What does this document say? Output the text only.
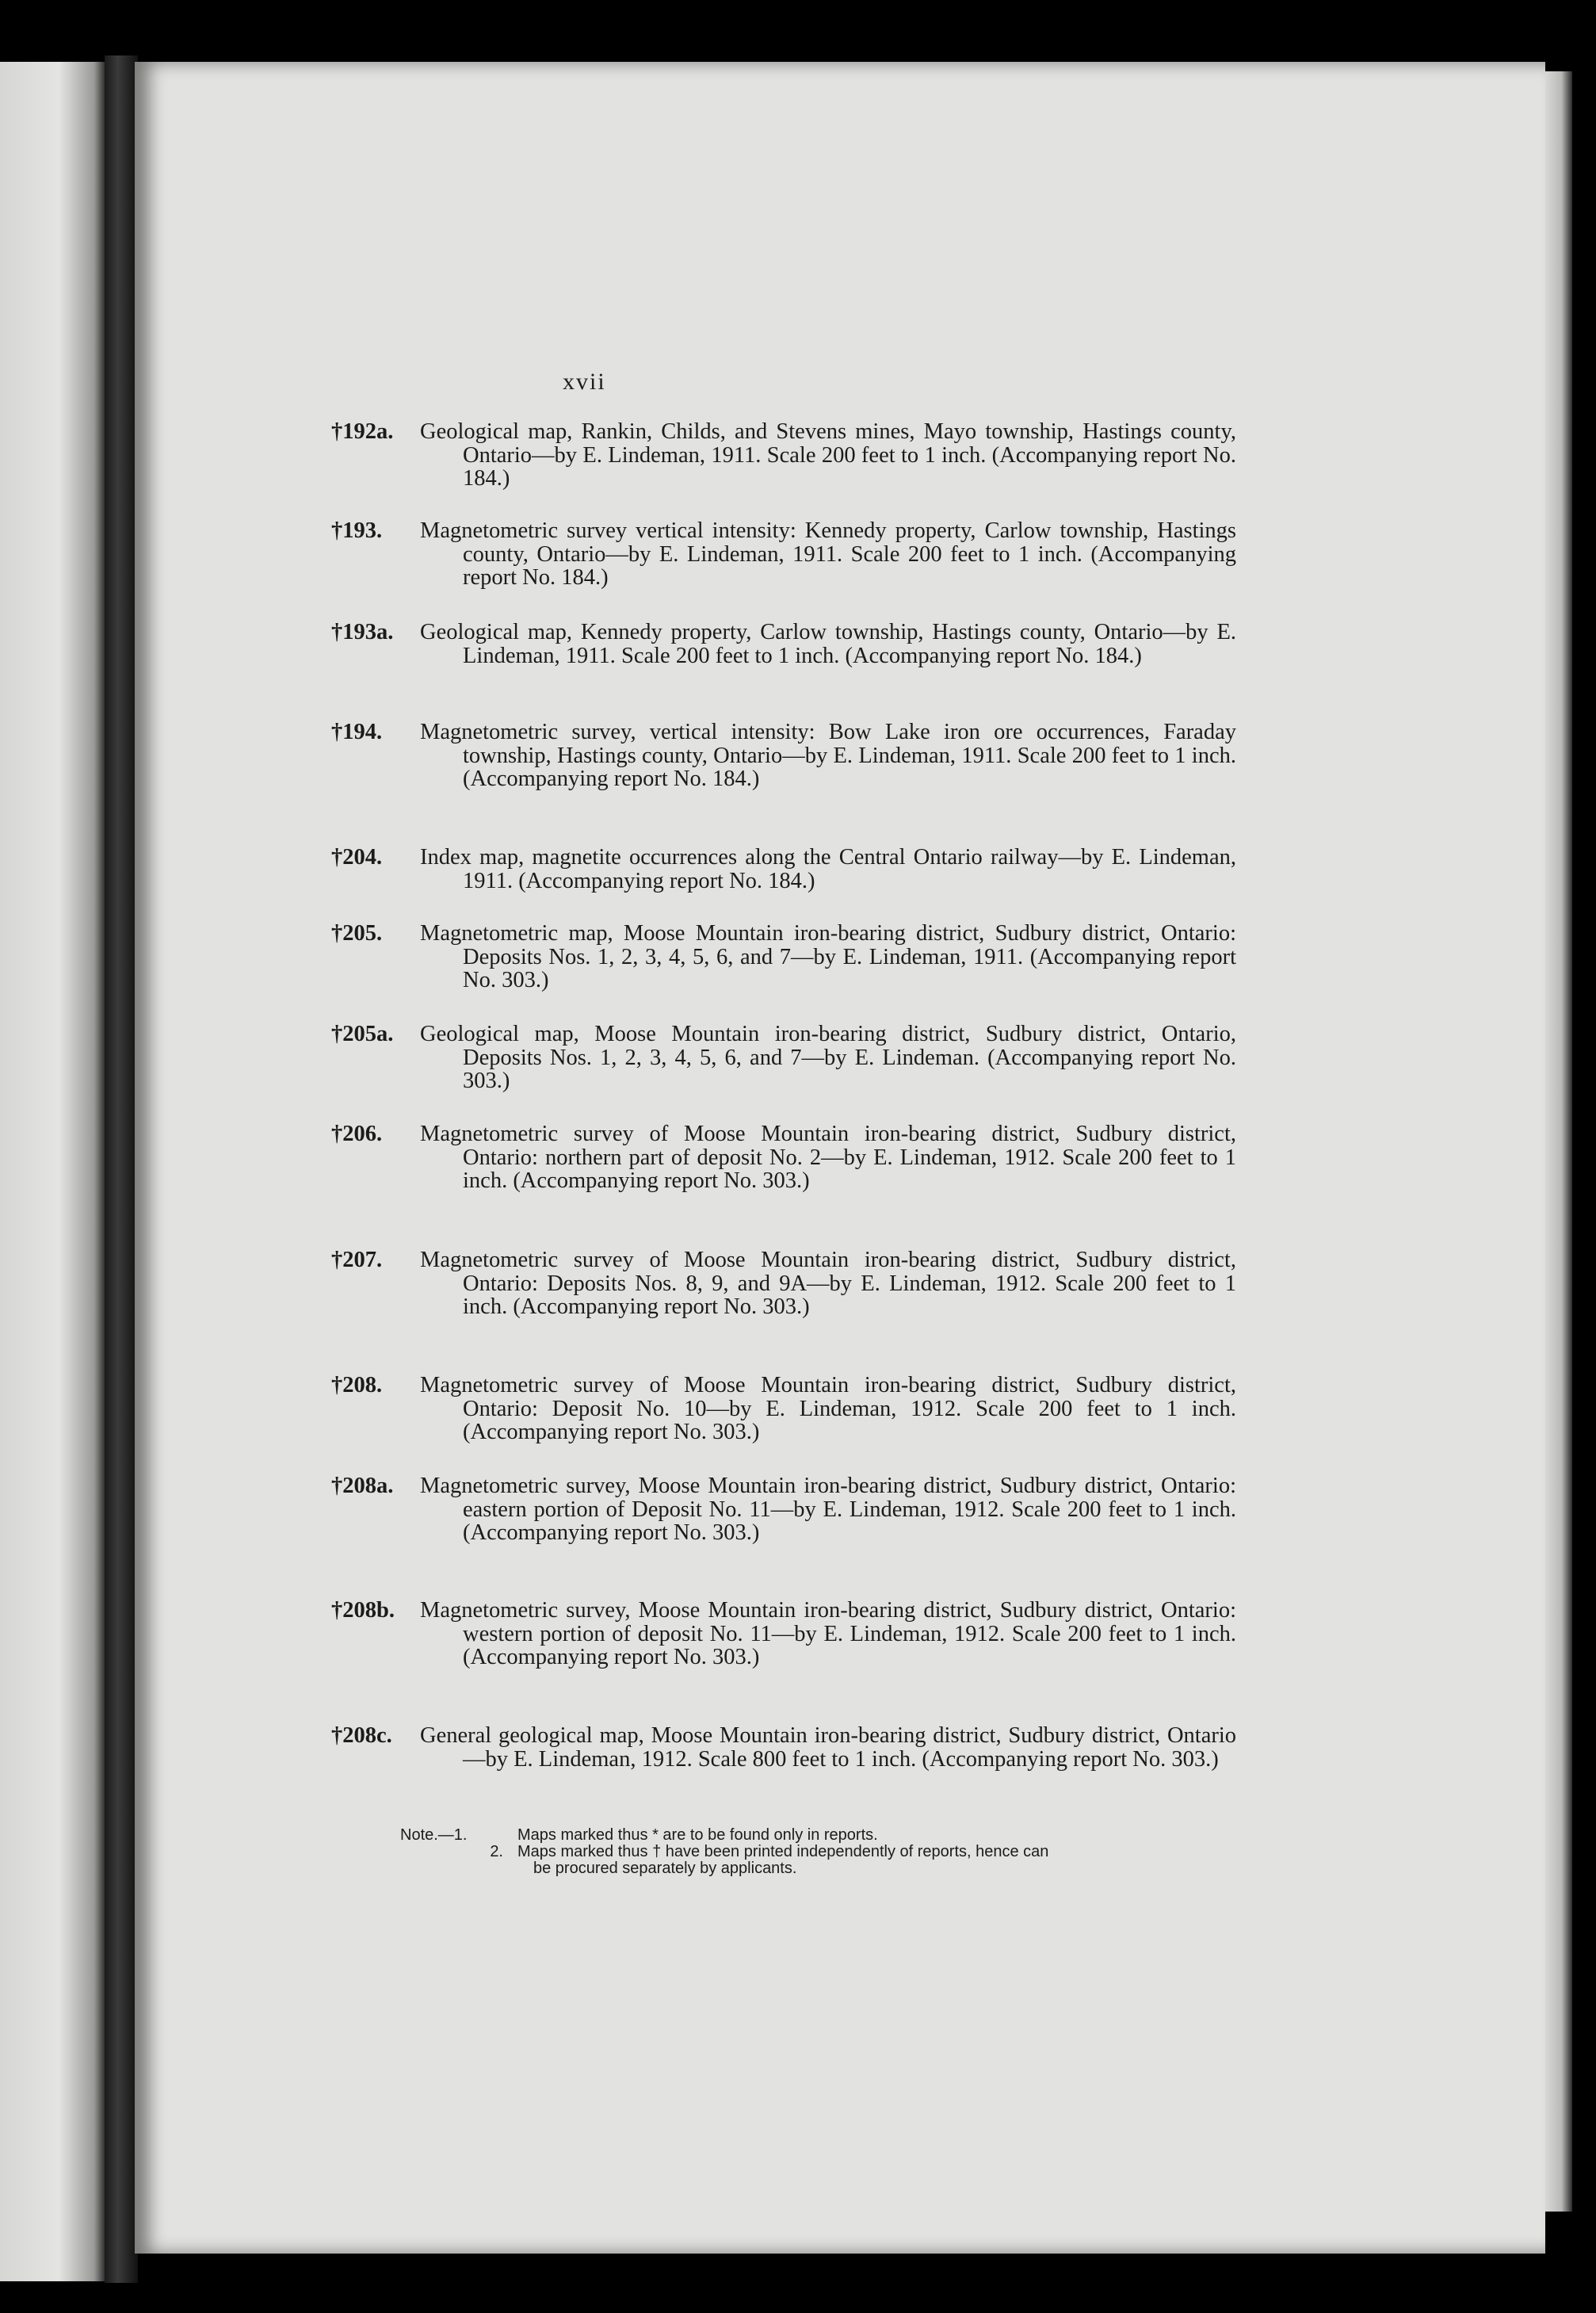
xvii
†192a. Geological map, Rankin, Childs, and Stevens mines, Mayo township, Hastings county, Ontario—by E. Lindeman, 1911. Scale 200 feet to 1 inch. (Accompanying report No. 184.)
†193. Magnetometric survey vertical intensity: Kennedy property, Carlow township, Hastings county, Ontario—by E. Lindeman, 1911. Scale 200 feet to 1 inch. (Accompanying report No. 184.)
†193a. Geological map, Kennedy property, Carlow township, Hastings county, Ontario—by E. Lindeman, 1911. Scale 200 feet to 1 inch. (Accompanying report No. 184.)
†194. Magnetometric survey, vertical intensity: Bow Lake iron ore occurrences, Faraday township, Hastings county, Ontario—by E. Lindeman, 1911. Scale 200 feet to 1 inch. (Accompanying report No. 184.)
†204. Index map, magnetite occurrences along the Central Ontario railway—by E. Lindeman, 1911. (Accompanying report No. 184.)
†205. Magnetometric map, Moose Mountain iron-bearing district, Sudbury district, Ontario: Deposits Nos. 1, 2, 3, 4, 5, 6, and 7—by E. Lindeman, 1911. (Accompanying report No. 303.)
†205a. Geological map, Moose Mountain iron-bearing district, Sudbury district, Ontario, Deposits Nos. 1, 2, 3, 4, 5, 6, and 7—by E. Lindeman. (Accompanying report No. 303.)
†206. Magnetometric survey of Moose Mountain iron-bearing district, Sudbury district, Ontario: northern part of deposit No. 2—by E. Lindeman, 1912. Scale 200 feet to 1 inch. (Accompanying report No. 303.)
†207. Magnetometric survey of Moose Mountain iron-bearing district, Sudbury district, Ontario: Deposits Nos. 8, 9, and 9A—by E. Lindeman, 1912. Scale 200 feet to 1 inch. (Accompanying report No. 303.)
†208. Magnetometric survey of Moose Mountain iron-bearing district, Sudbury district, Ontario: Deposit No. 10—by E. Lindeman, 1912. Scale 200 feet to 1 inch. (Accompanying report No. 303.)
†208a. Magnetometric survey, Moose Mountain iron-bearing district, Sudbury district, Ontario: eastern portion of Deposit No. 11—by E. Lindeman, 1912. Scale 200 feet to 1 inch. (Accompanying report No. 303.)
†208b. Magnetometric survey, Moose Mountain iron-bearing district, Sudbury district, Ontario: western portion of deposit No. 11—by E. Lindeman, 1912. Scale 200 feet to 1 inch. (Accompanying report No. 303.)
†208c. General geological map, Moose Mountain iron-bearing district, Sudbury district, Ontario—by E. Lindeman, 1912. Scale 800 feet to 1 inch. (Accompanying report No. 303.)
Note.—1.	Maps marked thus * are to be found only in reports.
2. Maps marked thus † have been printed independently of reports, hence can
be procured separately by applicants.
